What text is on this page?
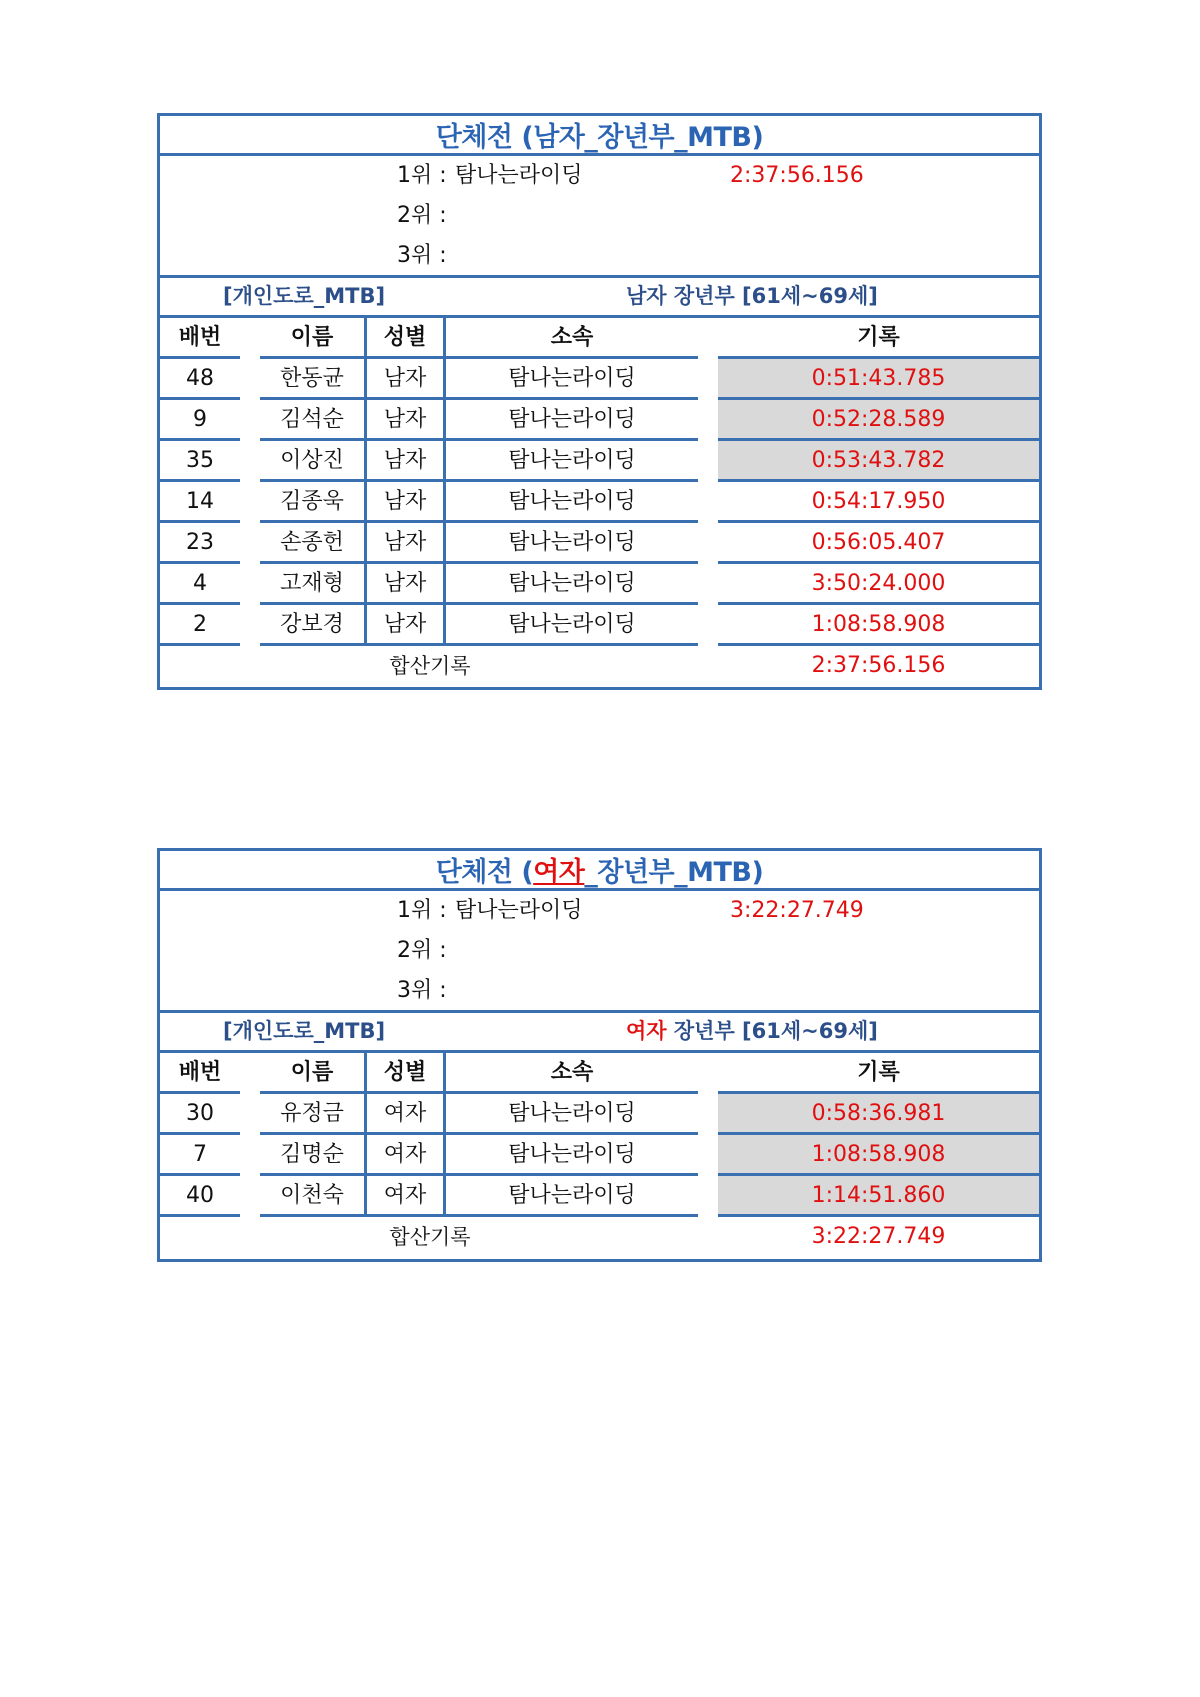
단체전 ( 남자 _장년부_MTB)
1위 : 탐나는라이딩	2:37:56.156
2위 :
3위 :
[개인도로_MTB]	남자 장년부 [61세~69세]
배번	이름	성별	소속	기록
48	한동균	남자	탐나는라이딩	0:51:43.785
9	김석순	남자	탐나는라이딩	0:52:28.589
35	이상진	남자	탐나는라이딩	0:53:43.782
14	김종욱	남자	탐나는라이딩	0:54:17.950
23	손종헌	남자	탐나는라이딩	0:56:05.407
4	고재형	남자	탐나는라이딩	3:50:24.000
2	강보경	남자	탐나는라이딩	1:08:58.908
합산기록	2:37:56.156
단체전 ( 여자 _장년부_MTB)
1위 : 탐나는라이딩	3:22:27.749
2위 :
3위 :
[개인도로_MTB]	여자 장년부 [61세~69세]
배번	이름	성별	소속	기록
30	유정금	여자	탐나는라이딩	0:58:36.981
7	김명순	여자	탐나는라이딩	1:08:58.908
40	이천숙	여자	탐나는라이딩	1:14:51.860
합산기록	3:22:27.749
